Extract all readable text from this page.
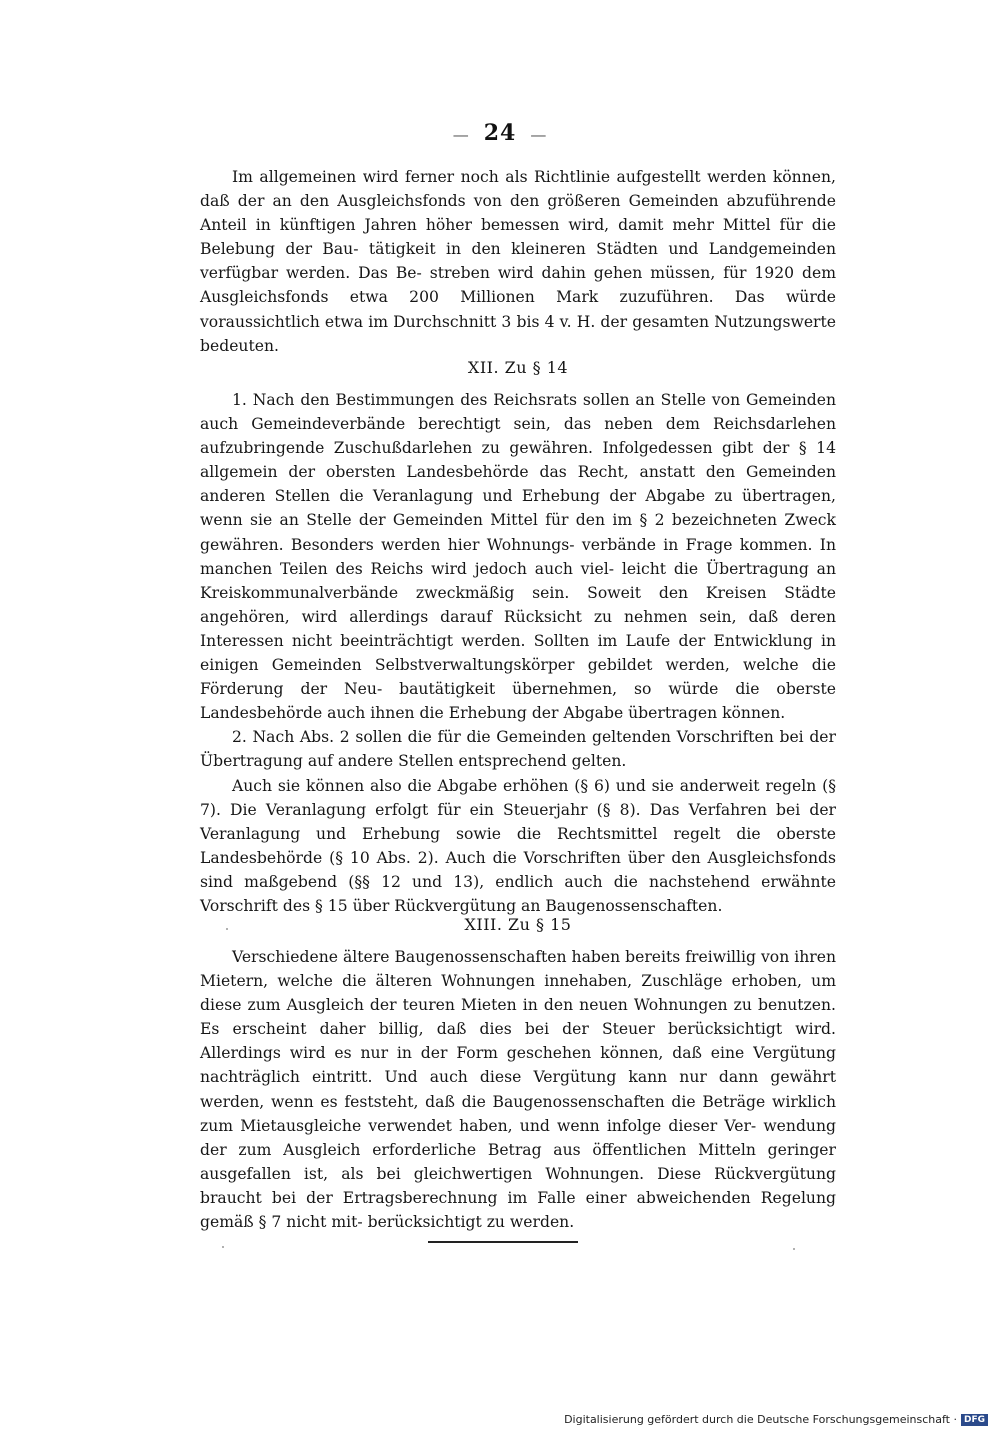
— 24 —

Im allgemeinen wird ferner noch als Richtlinie aufgestellt werden können, daß der an den Ausgleichsfonds von den größeren Gemeinden abzuführende Anteil in künftigen Jahren höher bemessen wird, damit mehr Mittel für die Belebung der Bau- tätigkeit in den kleineren Städten und Landgemeinden verfügbar werden. Das Be- streben wird dahin gehen müssen, für 1920 dem Ausgleichsfonds etwa 200 Millionen Mark zuzuführen. Das würde voraussichtlich etwa im Durchschnitt 3 bis 4 v. H. der gesamten Nutzungswerte bedeuten.

XII. Zu § 14

1. Nach den Bestimmungen des Reichsrats sollen an Stelle von Gemeinden auch Gemeindeverbände berechtigt sein, das neben dem Reichsdarlehen aufzubringende Zuschußdarlehen zu gewähren. Infolgedessen gibt der § 14 allgemein der obersten Landesbehörde das Recht, anstatt den Gemeinden anderen Stellen die Veranlagung und Erhebung der Abgabe zu übertragen, wenn sie an Stelle der Gemeinden Mittel für den im § 2 bezeichneten Zweck gewähren. Besonders werden hier Wohnungs- verbände in Frage kommen. In manchen Teilen des Reichs wird jedoch auch viel- leicht die Übertragung an Kreiskommunalverbände zweckmäßig sein. Soweit den Kreisen Städte angehören, wird allerdings darauf Rücksicht zu nehmen sein, daß deren Interessen nicht beeinträchtigt werden. Sollten im Laufe der Entwicklung in einigen Gemeinden Selbstverwaltungskörper gebildet werden, welche die Förderung der Neu- bautätigkeit übernehmen, so würde die oberste Landesbehörde auch ihnen die Erhebung der Abgabe übertragen können.

2. Nach Abs. 2 sollen die für die Gemeinden geltenden Vorschriften bei der Übertragung auf andere Stellen entsprechend gelten.

Auch sie können also die Abgabe erhöhen (§ 6) und sie anderweit regeln (§ 7). Die Veranlagung erfolgt für ein Steuerjahr (§ 8). Das Verfahren bei der Veranlagung und Erhebung sowie die Rechtsmittel regelt die oberste Landesbehörde (§ 10 Abs. 2). Auch die Vorschriften über den Ausgleichsfonds sind maßgebend (§§ 12 und 13), endlich auch die nachstehend erwähnte Vorschrift des § 15 über Rückvergütung an Baugenossenschaften.

XIII. Zu § 15

Verschiedene ältere Baugenossenschaften haben bereits freiwillig von ihren Mietern, welche die älteren Wohnungen innehaben, Zuschläge erhoben, um diese zum Ausgleich der teuren Mieten in den neuen Wohnungen zu benutzen. Es erscheint daher billig, daß dies bei der Steuer berücksichtigt wird. Allerdings wird es nur in der Form geschehen können, daß eine Vergütung nachträglich eintritt. Und auch diese Vergütung kann nur dann gewährt werden, wenn es feststeht, daß die Baugenossenschaften die Beträge wirklich zum Mietausgleiche verwendet haben, und wenn infolge dieser Ver- wendung der zum Ausgleich erforderliche Betrag aus öffentlichen Mitteln geringer ausgefallen ist, als bei gleichwertigen Wohnungen. Diese Rückvergütung braucht bei der Ertragsberechnung im Falle einer abweichenden Regelung gemäß § 7 nicht mit- berücksichtigt zu werden.

Digitalisierung gefördert durch die Deutsche Forschungsgemeinschaft · DFG
